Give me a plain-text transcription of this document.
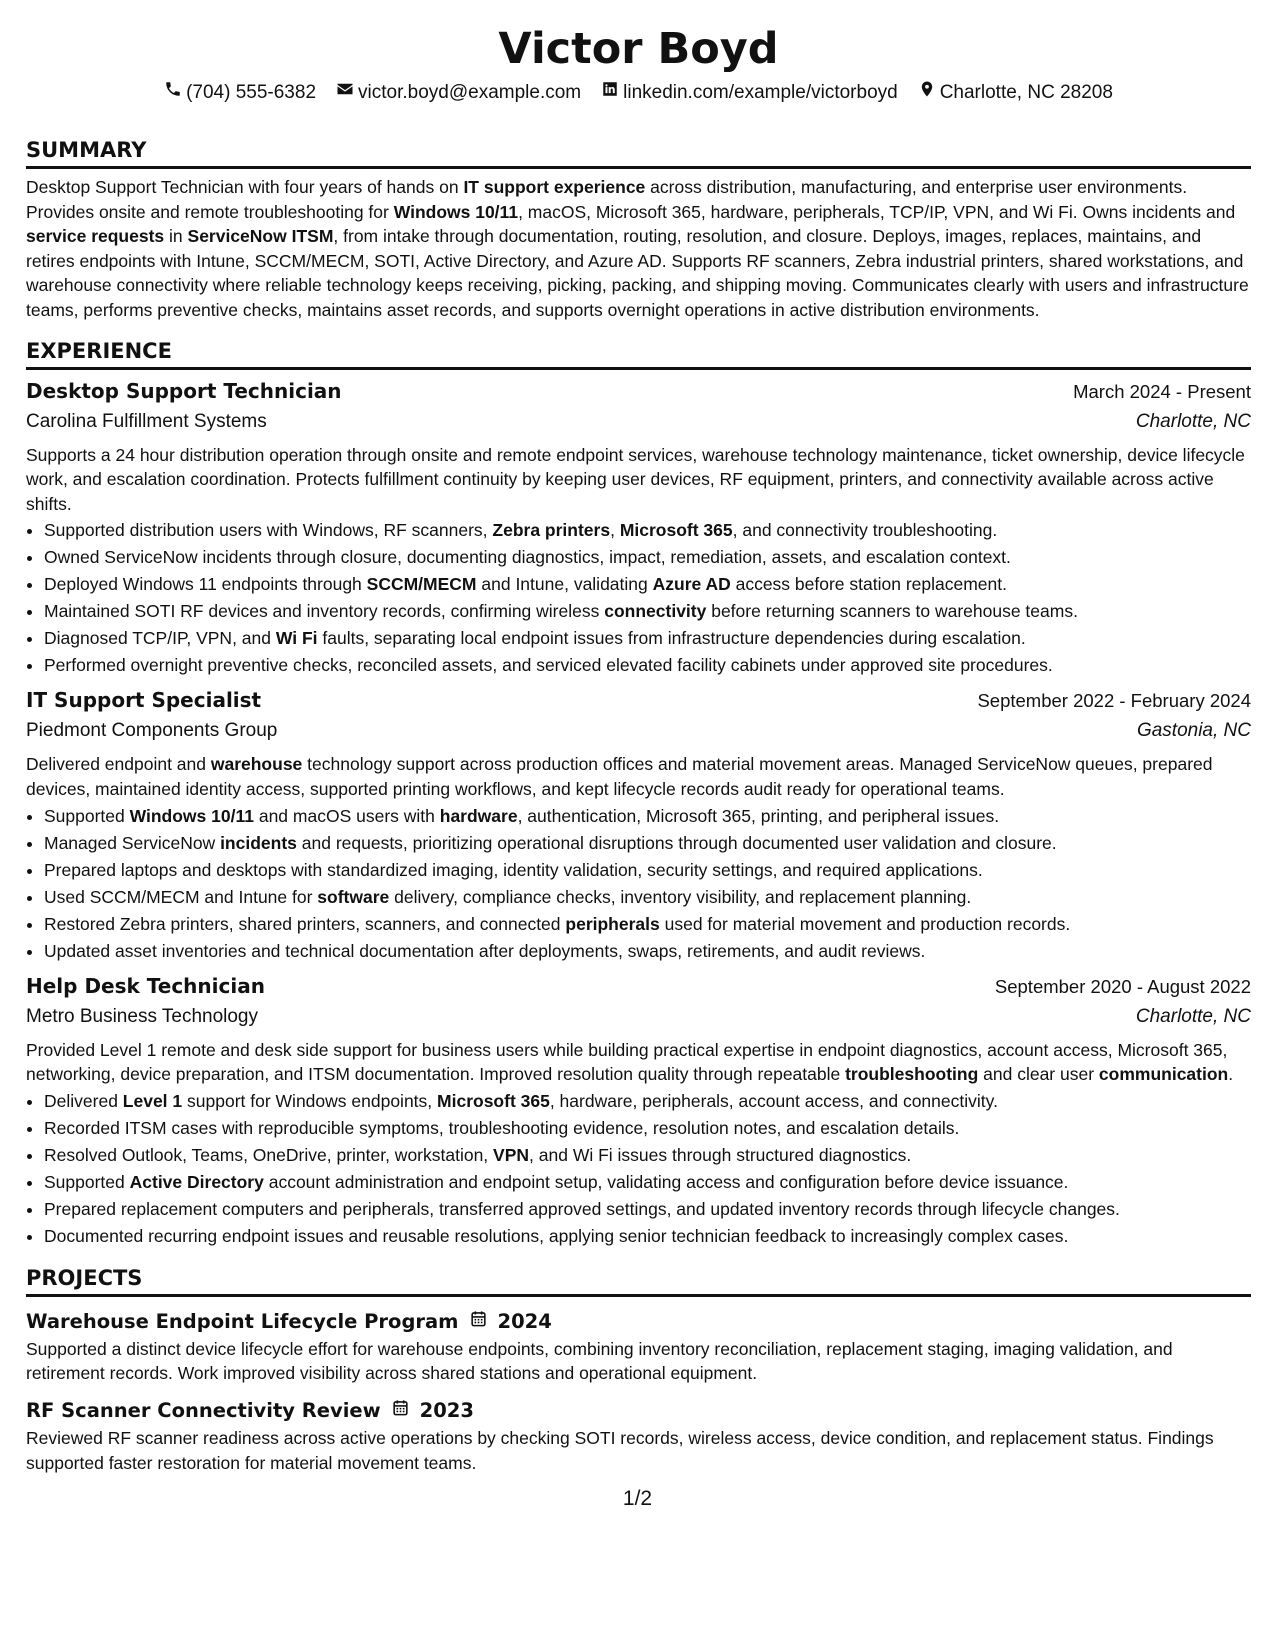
Victor Boyd
(704) 555-6382 victor.boyd@example.com linkedin.com/example/victorboyd Charlotte, NC 28208
SUMMARY

Desktop Support Technician with four years of hands on IT support experience across distribution, manufacturing, and enterprise user environments. Provides onsite and remote troubleshooting for Windows 10/11, macOS, Microsoft 365, hardware, peripherals, TCP/IP, VPN, and Wi Fi. Owns incidents and service requests in ServiceNow ITSM, from intake through documentation, routing, resolution, and closure. Deploys, images, replaces, maintains, and retires endpoints with Intune, SCCM/MECM, SOTI, Active Directory, and Azure AD. Supports RF scanners, Zebra industrial printers, shared workstations, and warehouse connectivity where reliable technology keeps receiving, picking, packing, and shipping moving. Communicates clearly with users and infrastructure teams, performs preventive checks, maintains asset records, and supports overnight operations in active distribution environments.

EXPERIENCE
Desktop Support Technician	March 2024 - Present
Carolina Fulfillment Systems	Charlotte, NC

Supports a 24 hour distribution operation through onsite and remote endpoint services, warehouse technology maintenance, ticket ownership, device lifecycle work, and escalation coordination. Protects fulfillment continuity by keeping user devices, RF equipment, printers, and connectivity available across active shifts.

• Supported distribution users with Windows, RF scanners, Zebra printers, Microsoft 365, and connectivity troubleshooting.
• Owned ServiceNow incidents through closure, documenting diagnostics, impact, remediation, assets, and escalation context.
• Deployed Windows 11 endpoints through SCCM/MECM and Intune, validating Azure AD access before station replacement.
• Maintained SOTI RF devices and inventory records, confirming wireless connectivity before returning scanners to warehouse teams.
• Diagnosed TCP/IP, VPN, and Wi Fi faults, separating local endpoint issues from infrastructure dependencies during escalation.
• Performed overnight preventive checks, reconciled assets, and serviced elevated facility cabinets under approved site procedures.
IT Support Specialist	September 2022 - February 2024
Piedmont Components Group	Gastonia, NC

Delivered endpoint and warehouse technology support across production offices and material movement areas. Managed ServiceNow queues, prepared devices, maintained identity access, supported printing workflows, and kept lifecycle records audit ready for operational teams.

• Supported Windows 10/11 and macOS users with hardware, authentication, Microsoft 365, printing, and peripheral issues.
• Managed ServiceNow incidents and requests, prioritizing operational disruptions through documented user validation and closure.
• Prepared laptops and desktops with standardized imaging, identity validation, security settings, and required applications.
• Used SCCM/MECM and Intune for software delivery, compliance checks, inventory visibility, and replacement planning.
• Restored Zebra printers, shared printers, scanners, and connected peripherals used for material movement and production records.
• Updated asset inventories and technical documentation after deployments, swaps, retirements, and audit reviews.
Help Desk Technician	September 2020 - August 2022
Metro Business Technology	Charlotte, NC

Provided Level 1 remote and desk side support for business users while building practical expertise in endpoint diagnostics, account access, Microsoft 365, networking, device preparation, and ITSM documentation. Improved resolution quality through repeatable troubleshooting and clear user communication.

• Delivered Level 1 support for Windows endpoints, Microsoft 365, hardware, peripherals, account access, and connectivity.
• Recorded ITSM cases with reproducible symptoms, troubleshooting evidence, resolution notes, and escalation details.
• Resolved Outlook, Teams, OneDrive, printer, workstation, VPN, and Wi Fi issues through structured diagnostics.
• Supported Active Directory account administration and endpoint setup, validating access and configuration before device issuance.
• Prepared replacement computers and peripherals, transferred approved settings, and updated inventory records through lifecycle changes.
• Documented recurring endpoint issues and reusable resolutions, applying senior technician feedback to increasingly complex cases.
PROJECTS
Warehouse Endpoint Lifecycle Program 2024

Supported a distinct device lifecycle effort for warehouse endpoints, combining inventory reconciliation, replacement staging, imaging validation, and retirement records. Work improved visibility across shared stations and operational equipment.

RF Scanner Connectivity Review 2023

Reviewed RF scanner readiness across active operations by checking SOTI records, wireless access, device condition, and replacement status. Findings supported faster restoration for material movement teams.

1/2
